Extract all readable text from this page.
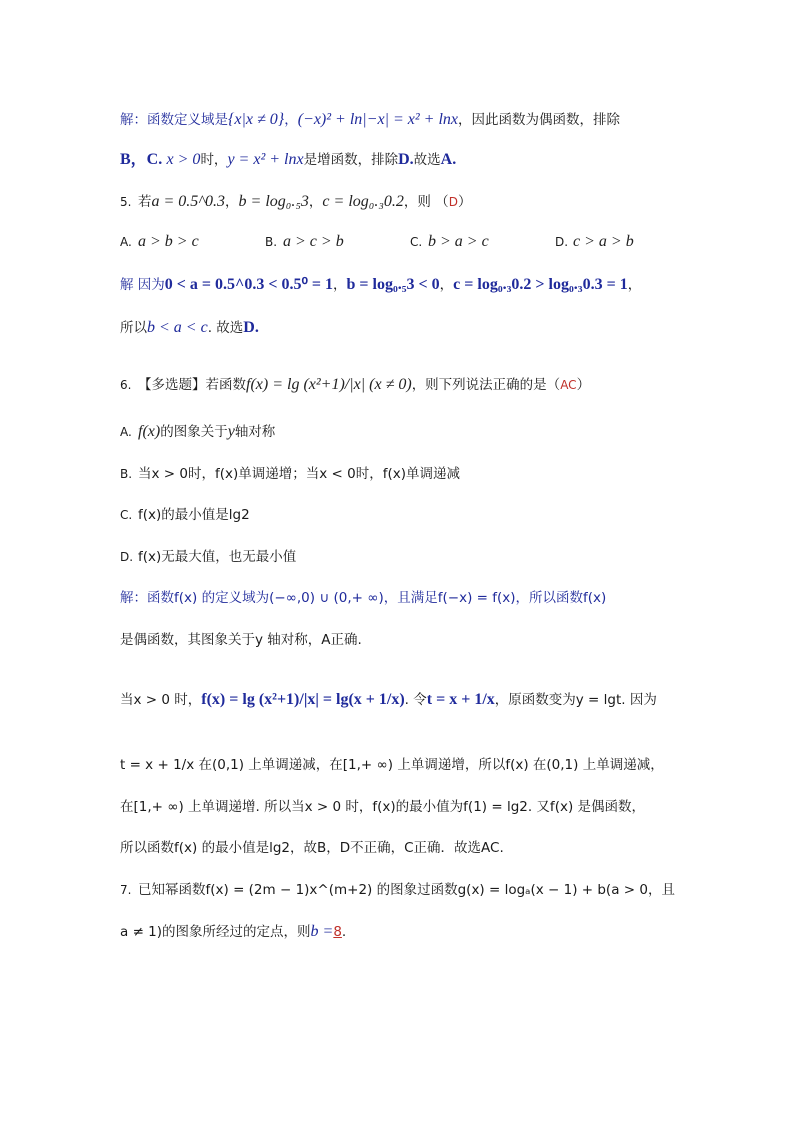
解：函数定义域是{x|x ≠ 0}，(−x)² + ln|−x| = x² + lnx，因此函数为偶函数，排除
B，C. x > 0时，y = x² + lnx是增函数，排除D.故选A.
5. 若a = 0.5^0.3，b = log₀.₅3，c = log₀.₃0.2，则 （D）
A. a > b > c	B. a > c > b	C. b > a > c	D. c > a > b
解 因为0 < a = 0.5^0.3 < 0.5⁰ = 1，b = log₀.₅3 < 0，c = log₀.₃0.2 > log₀.₃0.3 = 1，
所以b < a < c. 故选D.
6. 【多选题】若函数f(x) = lg (x²+1)/|x| (x ≠ 0)，则下列说法正确的是（AC）
A. f(x)的图象关于y轴对称
B. 当x > 0时，f(x)单调递增；当x < 0时，f(x)单调递减
C. f(x)的最小值是lg2
D. f(x)无最大值，也无最小值
解：函数f(x) 的定义域为(−∞,0) ∪ (0,+ ∞)，且满足f(−x) = f(x)，所以函数f(x)
是偶函数，其图象关于y 轴对称，A正确.
当x > 0 时，f(x) = lg (x²+1)/|x| = lg(x + 1/x). 令t = x + 1/x，原函数变为y = lgt. 因为
t = x + 1/x 在(0,1) 上单调递减，在[1,+ ∞) 上单调递增，所以f(x) 在(0,1) 上单调递减，
在[1,+ ∞) 上单调递增. 所以当x > 0 时，f(x)的最小值为f(1) = lg2. 又f(x) 是偶函数，
所以函数f(x) 的最小值是lg2，故B，D不正确，C正确．故选AC.
7. 已知幂函数f(x) = (2m − 1)x^(m+2) 的图象过函数g(x) = logₐ(x − 1) + b(a > 0，且
a ≠ 1)的图象所经过的定点，则b =8.
